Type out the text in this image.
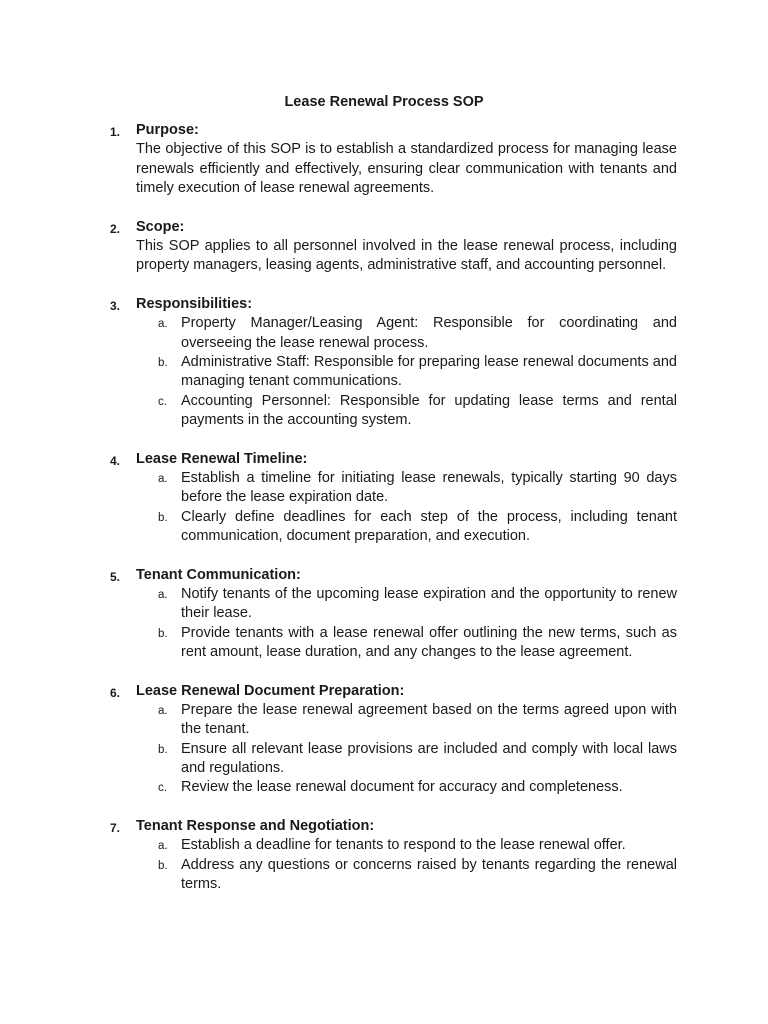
Lease Renewal Process SOP
1. Purpose:
The objective of this SOP is to establish a standardized process for managing lease renewals efficiently and effectively, ensuring clear communication with tenants and timely execution of lease renewal agreements.
2. Scope:
This SOP applies to all personnel involved in the lease renewal process, including property managers, leasing agents, administrative staff, and accounting personnel.
3. Responsibilities:
a. Property Manager/Leasing Agent: Responsible for coordinating and overseeing the lease renewal process.
b. Administrative Staff: Responsible for preparing lease renewal documents and managing tenant communications.
c. Accounting Personnel: Responsible for updating lease terms and rental payments in the accounting system.
4. Lease Renewal Timeline:
a. Establish a timeline for initiating lease renewals, typically starting 90 days before the lease expiration date.
b. Clearly define deadlines for each step of the process, including tenant communication, document preparation, and execution.
5. Tenant Communication:
a. Notify tenants of the upcoming lease expiration and the opportunity to renew their lease.
b. Provide tenants with a lease renewal offer outlining the new terms, such as rent amount, lease duration, and any changes to the lease agreement.
6. Lease Renewal Document Preparation:
a. Prepare the lease renewal agreement based on the terms agreed upon with the tenant.
b. Ensure all relevant lease provisions are included and comply with local laws and regulations.
c. Review the lease renewal document for accuracy and completeness.
7. Tenant Response and Negotiation:
a. Establish a deadline for tenants to respond to the lease renewal offer.
b. Address any questions or concerns raised by tenants regarding the renewal terms.
